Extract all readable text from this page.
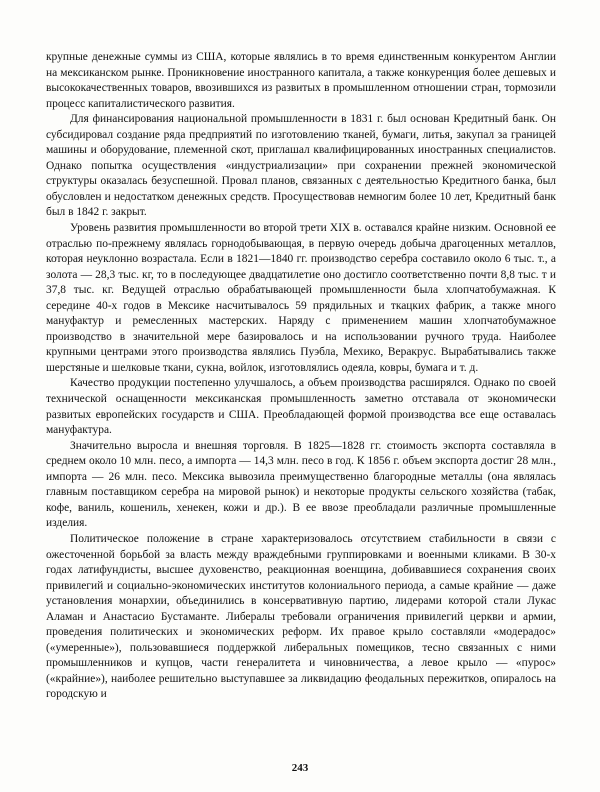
крупные денежные суммы из США, которые являлись в то время единственным конкурентом Англии на мексиканском рынке. Проникновение иностранного капитала, а также конкуренция более дешевых и высококачественных товаров, ввозившихся из развитых в промышленном отношении стран, тормозили процесс капиталистического развития.

Для финансирования национальной промышленности в 1831 г. был основан Кредитный банк. Он субсидировал создание ряда предприятий по изготовлению тканей, бумаги, литья, закупал за границей машины и оборудование, племенной скот, приглашал квалифицированных иностранных специалистов. Однако попытка осуществления «индустриализации» при сохранении прежней экономической структуры оказалась безуспешной. Провал планов, связанных с деятельностью Кредитного банка, был обусловлен и недостатком денежных средств. Просуществовав немногим более 10 лет, Кредитный банк был в 1842 г. закрыт.

Уровень развития промышленности во второй трети XIX в. оставался крайне низким. Основной ее отраслью по-прежнему являлась горнодобывающая, в первую очередь добыча драгоценных металлов, которая неуклонно возрастала. Если в 1821—1840 гг. производство серебра составило около 6 тыс. т., а золота — 28,3 тыс. кг, то в последующее двадцатилетие оно достигло соответственно почти 8,8 тыс. т и 37,8 тыс. кг. Ведущей отраслью обрабатывающей промышленности была хлопчатобумажная. К середине 40-х годов в Мексике насчитывалось 59 прядильных и ткацких фабрик, а также много мануфактур и ремесленных мастерских. Наряду с применением машин хлопчатобумажное производство в значительной мере базировалось и на использовании ручного труда. Наиболее крупными центрами этого производства являлись Пуэбла, Мехико, Веракрус. Вырабатывались также шерстяные и шелковые ткани, сукна, войлок, изготовлялись одеяла, ковры, бумага и т. д.

Качество продукции постепенно улучшалось, а объем производства расширялся. Однако по своей технической оснащенности мексиканская промышленность заметно отставала от экономически развитых европейских государств и США. Преобладающей формой производства все еще оставалась мануфактура.

Значительно выросла и внешняя торговля. В 1825—1828 гг. стоимость экспорта составляла в среднем около 10 млн. песо, а импорта — 14,3 млн. песо в год. К 1856 г. объем экспорта достиг 28 млн., импорта — 26 млн. песо. Мексика вывозила преимущественно благородные металлы (она являлась главным поставщиком серебра на мировой рынок) и некоторые продукты сельского хозяйства (табак, кофе, ваниль, кошениль, хенекен, кожи и др.). В ее ввозе преобладали различные промышленные изделия.

Политическое положение в стране характеризовалось отсутствием стабильности в связи с ожесточенной борьбой за власть между враждебными группировками и военными кликами. В 30-х годах латифундисты, высшее духовенство, реакционная военщина, добивавшиеся сохранения своих привилегий и социально-экономических институтов колониального периода, а самые крайние — даже установления монархии, объединились в консервативную партию, лидерами которой стали Лукас Аламан и Анастасио Бустаманте. Либералы требовали ограничения привилегий церкви и армии, проведения политических и экономических реформ. Их правое крыло составляли «модерадос» («умеренные»), пользовавшиеся поддержкой либеральных помещиков, тесно связанных с ними промышленников и купцов, части генералитета и чиновничества, а левое крыло — «пурос» («крайние»), наиболее решительно выступавшее за ликвидацию феодальных пережитков, опиралось на городскую и

243
